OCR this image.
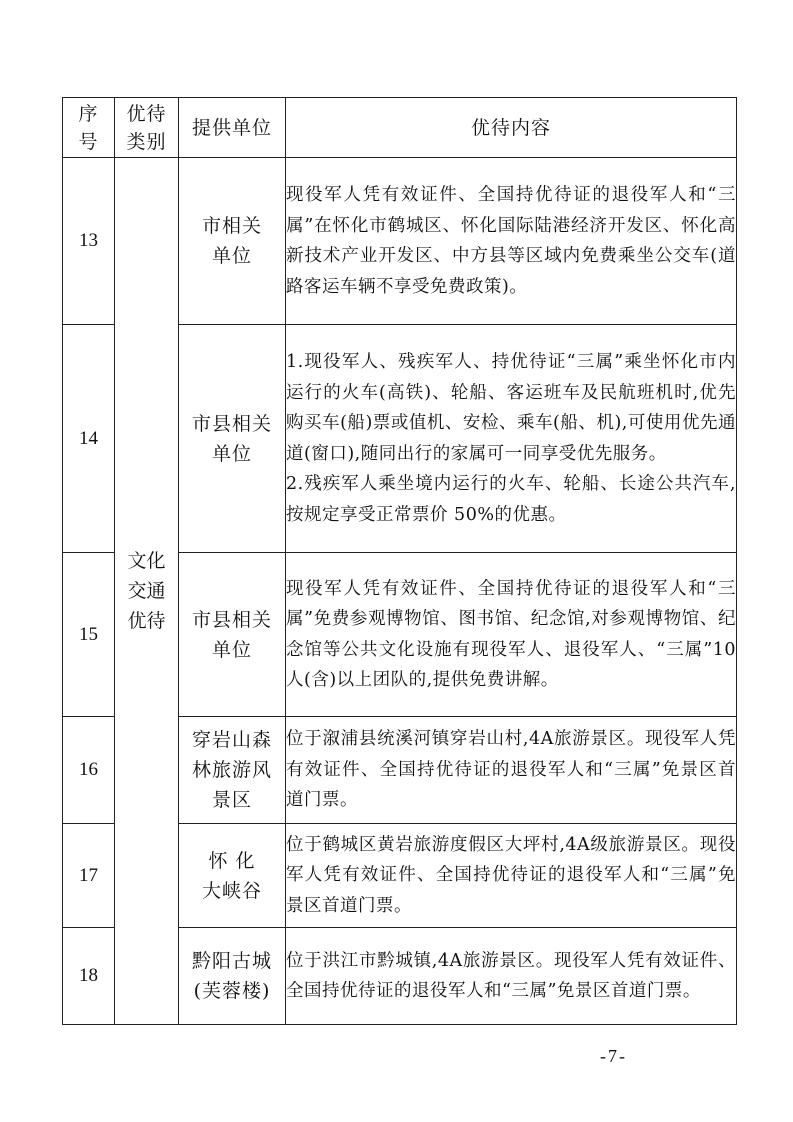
序号	优待类别	提供单位	优待内容
13	文化交通优待	市相关单位	现役军人凭有效证件、全国持优待证的退役军人和“三属”在怀化市鹤城区、怀化国际陆港经济开发区、怀化高新技术产业开发区、中方县等区域内免费乘坐公交车(道路客运车辆不享受免费政策)。

14		市县相关单位	1.现役军人、残疾军人、持优待证“三属”乘坐怀化市内运行的火车(高铁)、轮船、客运班车及民航班机时,优先购买车(船)票或值机、安检、乘车(船、机),可使用优先通道(窗口),随同出行的家属可一同享受优先服务。

2.残疾军人乘坐境内运行的火车、轮船、长途公共汽车,按规定享受正常票价 50%的优惠。

15		市县相关单位	现役军人凭有效证件、全国持优待证的退役军人和“三属”免费参观博物馆、图书馆、纪念馆,对参观博物馆、纪念馆等公共文化设施有现役军人、退役军人、“三属”10人(含)以上团队的,提供免费讲解。

16		穿岩山森林旅游风景区	位于溆浦县统溪河镇穿岩山村,4A旅游景区。现役军人凭有效证件、全国持优待证的退役军人和“三属”免景区首道门票。

17		怀 化大峡谷	位于鹤城区黄岩旅游度假区大坪村,4A级旅游景区。现役军人凭有效证件、全国持优待证的退役军人和“三属”免景区首道门票。

18		黔阳古城(芙蓉楼)	位于洪江市黔城镇,4A旅游景区。现役军人凭有效证件、全国持优待证的退役军人和“三属”免景区首道门票。

-7-
